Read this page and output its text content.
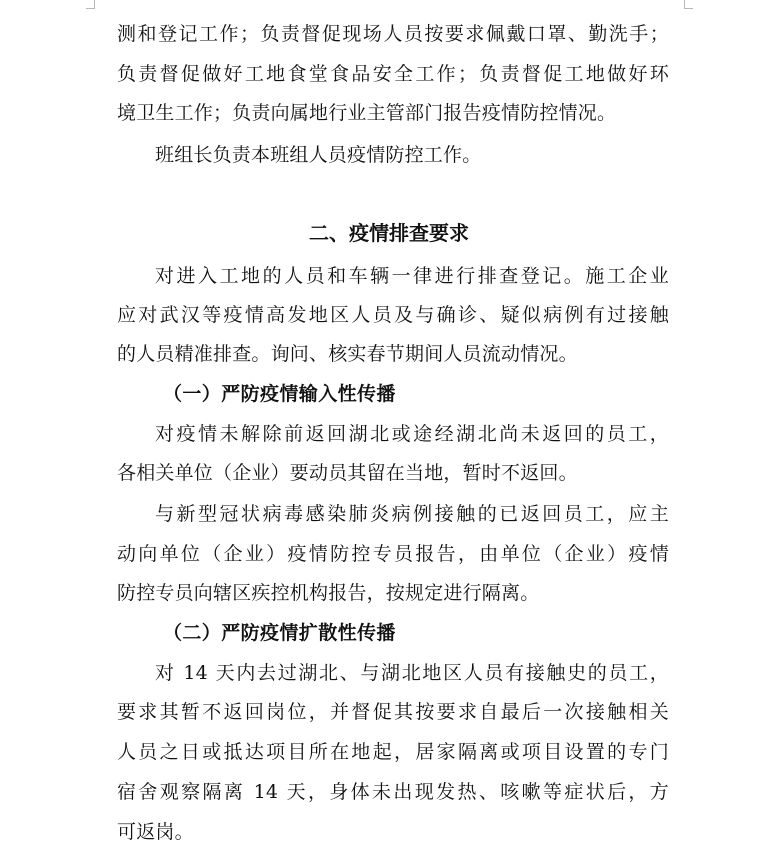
测和登记工作；负责督促现场人员按要求佩戴口罩、勤洗手；
负责督促做好工地食堂食品安全工作；负责督促工地做好环
境卫生工作；负责向属地行业主管部门报告疫情防控情况。
班组长负责本班组人员疫情防控工作。
二、疫情排查要求
对进入工地的人员和车辆一律进行排查登记。施工企业
应对武汉等疫情高发地区人员及与确诊、疑似病例有过接触
的人员精准排查。询问、核实春节期间人员流动情况。
（一）严防疫情输入性传播
对疫情未解除前返回湖北或途经湖北尚未返回的员工，
各相关单位（企业）要动员其留在当地，暂时不返回。
与新型冠状病毒感染肺炎病例接触的已返回员工，应主
动向单位（企业）疫情防控专员报告，由单位（企业）疫情
防控专员向辖区疾控机构报告，按规定进行隔离。
（二）严防疫情扩散性传播
对 14 天内去过湖北、与湖北地区人员有接触史的员工，
要求其暂不返回岗位，并督促其按要求自最后一次接触相关
人员之日或抵达项目所在地起，居家隔离或项目设置的专门
宿舍观察隔离 14 天，身体未出现发热、咳嗽等症状后，方
可返岗。
